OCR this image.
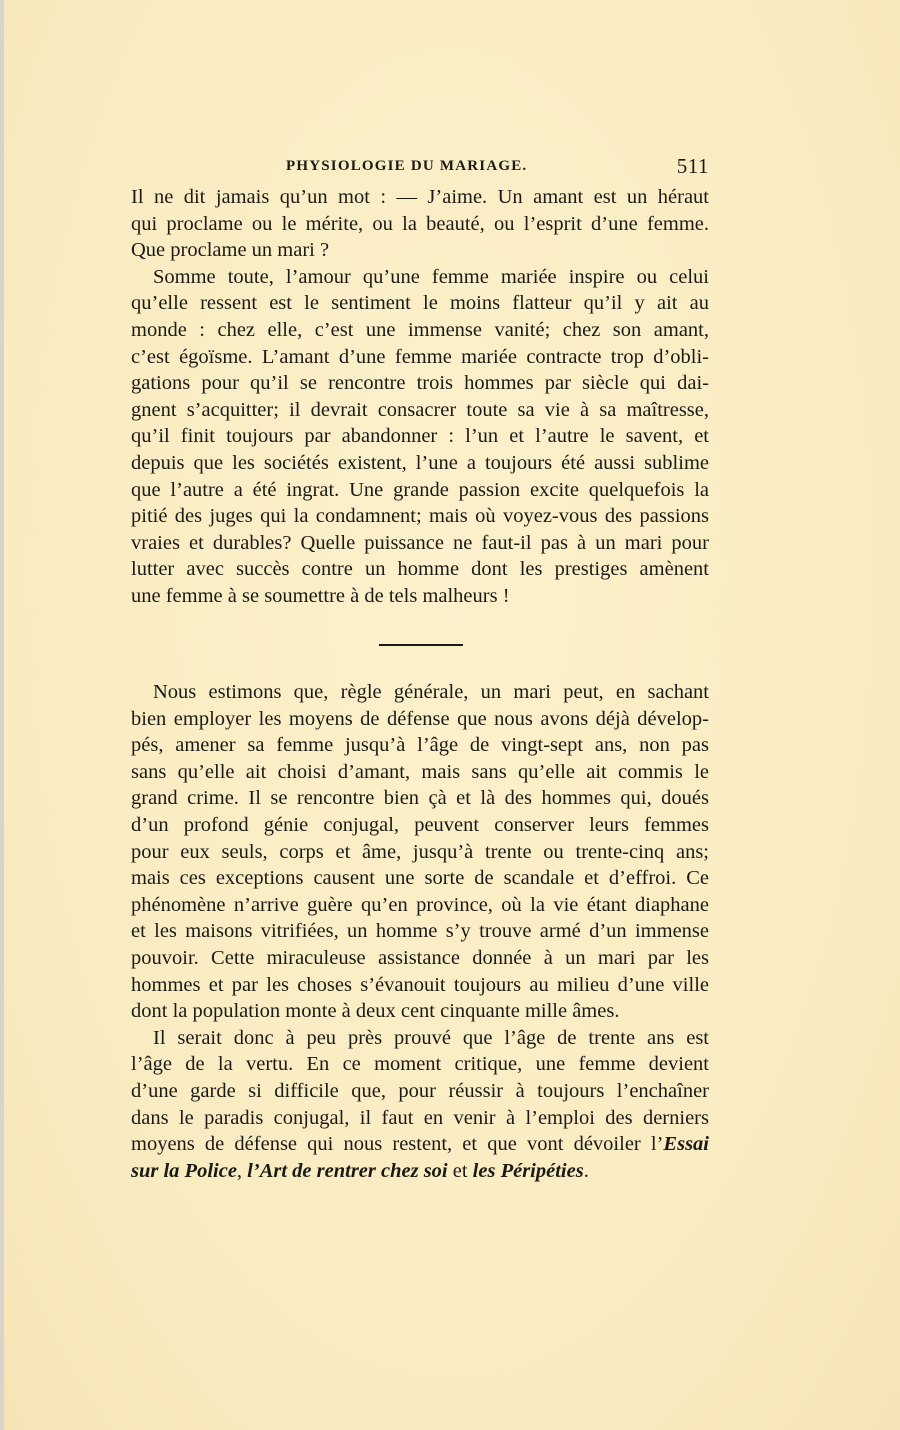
PHYSIOLOGIE DU MARIAGE.	511
Il ne dit jamais qu’un mot : — J’aime. Un amant est un héraut
qui proclame ou le mérite, ou la beauté, ou l’esprit d’une femme.
Que proclame un mari ?
Somme toute, l’amour qu’une femme mariée inspire ou celui
qu’elle ressent est le sentiment le moins flatteur qu’il y ait au
monde : chez elle, c’est une immense vanité; chez son amant,
c’est égoïsme. L’amant d’une femme mariée contracte trop d’obli-
gations pour qu’il se rencontre trois hommes par siècle qui dai-
gnent s’acquitter; il devrait consacrer toute sa vie à sa maîtresse,
qu’il finit toujours par abandonner : l’un et l’autre le savent, et
depuis que les sociétés existent, l’une a toujours été aussi sublime
que l’autre a été ingrat. Une grande passion excite quelquefois la
pitié des juges qui la condamnent; mais où voyez-vous des passions
vraies et durables? Quelle puissance ne faut-il pas à un mari pour
lutter avec succès contre un homme dont les prestiges amènent
une femme à se soumettre à de tels malheurs !
Nous estimons que, règle générale, un mari peut, en sachant
bien employer les moyens de défense que nous avons déjà dévelop-
pés, amener sa femme jusqu’à l’âge de vingt-sept ans, non pas
sans qu’elle ait choisi d’amant, mais sans qu’elle ait commis le
grand crime. Il se rencontre bien çà et là des hommes qui, doués
d’un profond génie conjugal, peuvent conserver leurs femmes
pour eux seuls, corps et âme, jusqu’à trente ou trente-cinq ans;
mais ces exceptions causent une sorte de scandale et d’effroi. Ce
phénomène n’arrive guère qu’en province, où la vie étant diaphane
et les maisons vitrifiées, un homme s’y trouve armé d’un immense
pouvoir. Cette miraculeuse assistance donnée à un mari par les
hommes et par les choses s’évanouit toujours au milieu d’une ville
dont la population monte à deux cent cinquante mille âmes.
Il serait donc à peu près prouvé que l’âge de trente ans est
l’âge de la vertu. En ce moment critique, une femme devient
d’une garde si difficile que, pour réussir à toujours l’enchaîner
dans le paradis conjugal, il faut en venir à l’emploi des derniers
moyens de défense qui nous restent, et que vont dévoiler l’Essai
sur la Police, l’Art de rentrer chez soi et les Péripéties.
